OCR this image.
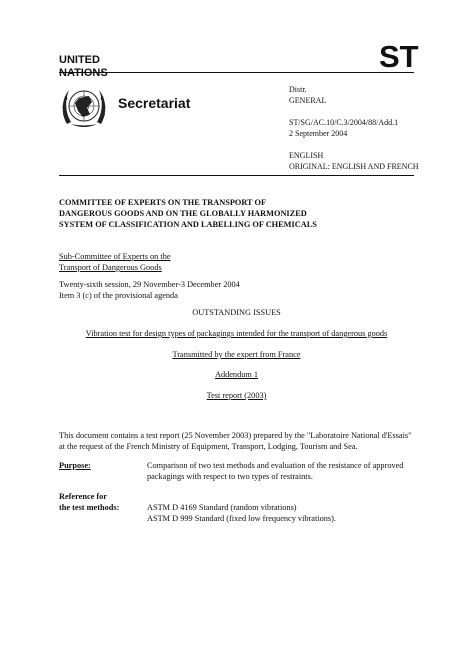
UNITED
NATIONS	ST
Secretariat
Distr.
GENERAL
ST/SG/AC.10/C.3/2004/88/Add.1
2 September 2004
ENGLISH
ORIGINAL: ENGLISH AND FRENCH
COMMITTEE OF EXPERTS ON THE TRANSPORT OF DANGEROUS GOODS AND ON THE GLOBALLY HARMONIZED SYSTEM OF CLASSIFICATION AND LABELLING OF CHEMICALS
Sub-Committee of Experts on the
Transport of Dangerous Goods
Twenty-sixth session, 29 November-3 December 2004
Item 3 (c) of the provisional agenda
OUTSTANDING ISSUES
Vibration test for design types of packagings intended for the transport of dangerous goods
Transmitted by the expert from France
Addendum 1
Test report (2003)
This document contains a test report (25 November 2003) prepared by the "Laboratoire National d'Essais" at the request of the French Ministry of Equipment, Transport, Lodging, Tourism and Sea.
Purpose:	Comparison of two test methods and evaluation of the resistance of approved packagings with respect to two types of restraints.
Reference for
the test methods:	ASTM D 4169 Standard (random vibrations)
ASTM D 999 Standard (fixed low frequency vibrations).
